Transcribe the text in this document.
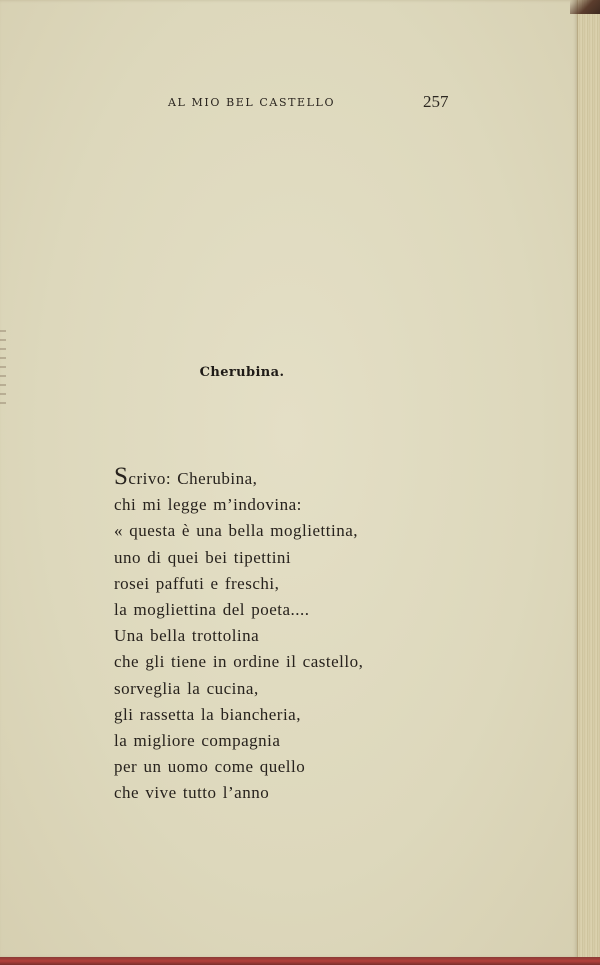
AL MIO BEL CASTELLO	257
Cherubina.
Scrivo: Cherubina,
chi mi legge m’indovina:
« questa è una bella mogliettina,
uno di quei bei tipettini
rosei paffuti e freschi,
la mogliettina del poeta....
Una bella trottolina
che gli tiene in ordine il castello,
sorveglia la cucina,
gli rassetta la biancheria,
la migliore compagnia
per un uomo come quello
che vive tutto l’anno
